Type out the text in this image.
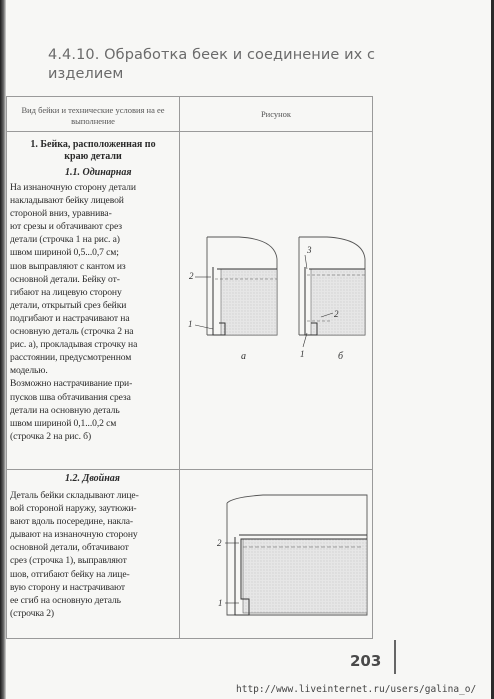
4.4.10. Обработка беек и соединение их с изделием
Вид бейки и технические условия на ее выполнение
Рисунок
1. Бейка, расположенная по краю детали
1.1. Одинарная

На изнаночную сторону детали
накладывают бейку лицевой
стороной вниз, уравнива-
ют срезы и обтачивают срез
детали (строчка 1 на рис. а)
швом шириной 0,5...0,7 см;
шов выправляют с кантом из
основной детали. Бейку от-
гибают на лицевую сторону
детали, открытый срез бейки
подгибают и настрачивают на
основную деталь (строчка 2 на
рис. а), прокладывая строчку на
расстоянии, предусмотренном
моделью.
Возможно настрачивание при-
пусков шва обтачивания среза
детали на основную деталь
швом шириной 0,1...0,2 см
(строчка 2 на рис. б)

1.2. Двойная

Деталь бейки складывают лице-
вой стороной наружу, заутюжи-
вают вдоль посередине, накла-
дывают на изнаночную сторону
основной детали, обтачивают
срез (строчка 1), выправляют
шов, отгибают бейку на лице-
вую сторону и настрачивают
ее сгиб на основную деталь
(строчка 2)

2
1
а
3
2
1	б
2
1
203
http://www.liveinternet.ru/users/galina_o/
